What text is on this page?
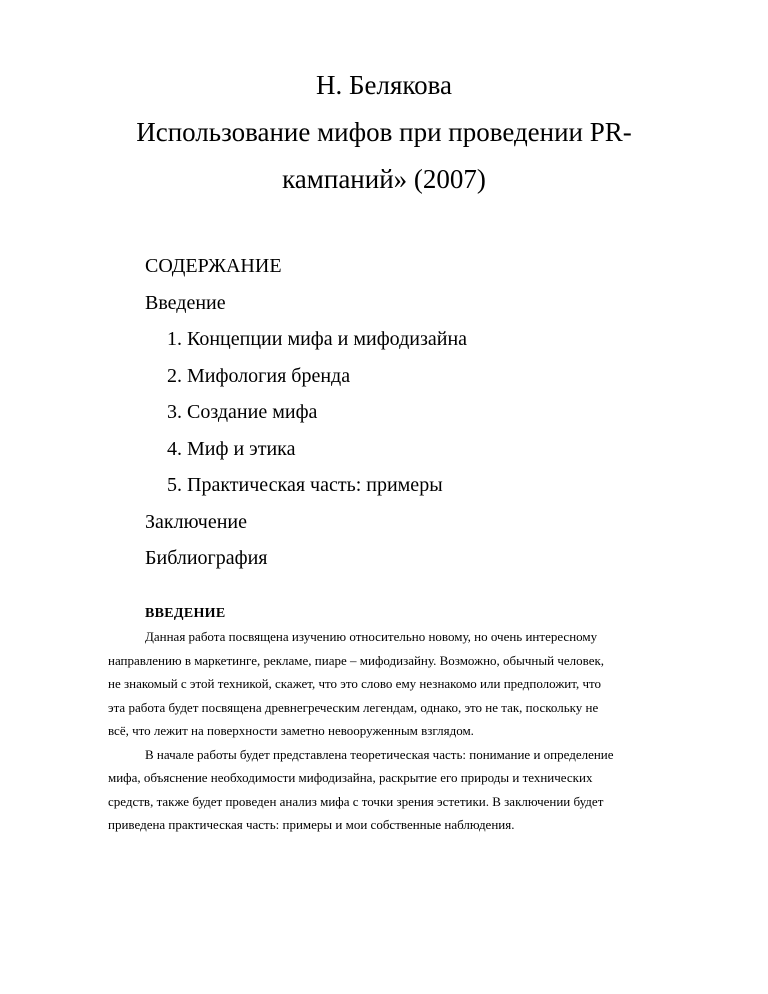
Н. Белякова
Использование мифов при проведении PR-
кампаний» (2007)
СОДЕРЖАНИЕ
Введение
1. Концепции мифа и мифодизайна
2. Мифология бренда
3. Создание мифа
4. Миф и этика
5. Практическая часть: примеры
Заключение
Библиография
ВВЕДЕНИЕ
Данная работа посвящена изучению относительно новому, но очень интересному
направлению в маркетинге, рекламе, пиаре – мифодизайну. Возможно, обычный человек,
не знакомый с этой техникой, скажет, что это слово ему незнакомо или предположит, что
эта работа будет посвящена древнегреческим легендам, однако, это не так, поскольку не
всё, что лежит на поверхности заметно невооруженным взглядом.
В начале работы будет представлена теоретическая часть: понимание и определение
мифа, объяснение необходимости мифодизайна, раскрытие его природы и технических
средств, также будет проведен анализ мифа с точки зрения эстетики. В заключении будет
приведена практическая часть: примеры и мои собственные наблюдения.
